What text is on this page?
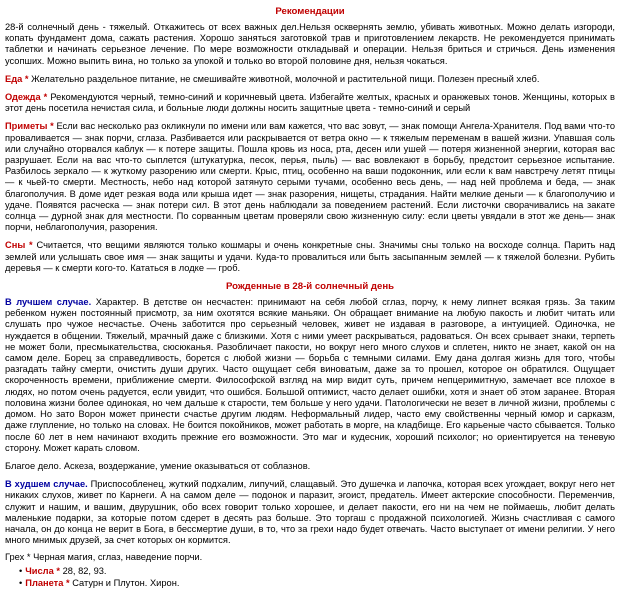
Рекомендации

28-й солнечный день - тяжелый. Откажитесь от всех важных дел.Нельзя осквернять землю, убивать животных. Можно делать изгороди, копать фундамент дома, сажать растения. Хорошо заняться заготовкой трав и приготовлением лекарств. Не рекомендуется принимать таблетки и начинать серьезное лечение. По мере возможности откладывай и операции. Нельзя бриться и стричься. День изменения усопших. Можно выпить вина, но только за упокой и только во второй половине дня, нельзя чокаться.

Еда * Желательно раздельное питание, не смешивайте животной, молочной и растительной пищи. Полезен пресный хлеб.

Одежда * Рекомендуются черный, темно-синий и коричневый цвета. Избегайте желтых, красных и оранжевых тонов. Женщины, которых в этот день посетила нечистая сила, и больные люди должны носить защитные цвета - темно-синий и серый

Приметы * Если вас несколько раз окликнули по имени или вам кажется, что вас зовут, — знак помощи Ангела-Хранителя. Под вами что-то проваливается — знак порчи, сглаза. Разбивается или раскрывается от ветра окно — к тяжелым переменам в вашей жизни. Упавшая соль или случайно оторвался каблук — к потере защиты. Пошла кровь из носа, рта, десен или ушей — потеря жизненной энергии, которая вас разрушает. Если на вас что-то сыплется (штукатурка, песок, перья, пыль) — вас вовлекают в борьбу, предстоит серьезное испытание. Разбилось зеркало — к жуткому разорению или смерти. Крыс, птиц, особенно на ваши подоконник, или если к вам навстречу летят птицы — к чьей-то смерти. Местность, небо над которой затянуто серыми тучами, особенно весь день, — над ней проблема и беда, — знак благополучия. В доме идет резкая вода или крыша идет — знак разорения, нищеты, страдания. Найти мелкие деньги — к благополучию и удаче. Появятся расческа — знак потери сил. В этот день наблюдали за поведением растений. Если листочки сворачивались на закате солнца — дурной знак для местности. По сорванным цветам проверяли свою жизненную силу: если цветы увядали в этот же день— знак порчи, неблагополучия, разорения.

Сны * Считается, что вещими являются только кошмары и очень конкретные сны. Значимы сны только на восходе солнца. Парить над землей или услышать свое имя — знак защиты и удачи. Куда-то провалиться или быть засыпанным землей — к тяжелой болезни. Рубить деревья — к смерти кого-то. Кататься в лодке — гроб.

Рожденные в 28-й солнечный день

В лучшем случае. Характер. В детстве он несчастен: принимают на себя любой сглаз, порчу, к нему липнет всякая грязь. За таким ребенком нужен постоянный присмотр, за ним охотятся всякие маньяки. Он обращает внимание на любую пакость и любит читать или слушать про чужое несчастье. Очень заботится про серьезный человек, живет не издавая в разговоре, а интуицией. Одиночка, не нуждается в общении. Тяжелый, мрачный даже с близкими. Хотя с ними умеет раскрываться, радоваться. Он всех срывает знаки, терпеть не может боли, пресмыкательства, сюсюканья. Разобличает пакости, но вокруг него много слухов и сплетен, никто не знает, какой он на самом деле. Борец за справедливость, борется с любой жизни — борьба с темными силами. Ему дана долгая жизнь для того, чтобы разгадать тайну смерти, очистить души других. Часто ощущает себя виноватым, даже за то прошел, которое он обратился. Ощущает скороченность времени, приближение смерти. Философской взгляд на мир видит суть, причем непцеримитную, замечает все плохое в людях, но потом очень радуется, если увидит, что ошибся. Большой оптимист, часто делает ошибки, хотя и знает об этом заранее. Вторая половина жизни более одинокая, но чем дальше к старости, тем больше у него удачи. Патологически не везет в личной жизни, проблемы с домом. Но зато Ворон может принести счастье другим людям. Неформальный лидер, часто ему свойственны черный юмор и сарказм, даже глупление, но только на словах. Не боится покойников, может работать в морге, на кладбище. Его карьеные часто сбывается. Только после 60 лет в нем начинают входить прежние его возможности. Это маг и кудесник, хороший психолог; но ориентируется на теневую сторону. Может карать словом.

Благое дело. Аскеза, воздержание, умение оказываться от соблазнов.

В худшем случае. Приспособленец, жуткий подхалим, липучий, слащавый. Это душечка и лапочка, которая всех угождает, вокруг него нет никаких слухов, живет по Карнеги. А на самом деле — подонок и паразит, эгоист, предатель. Имеет актерские способности. Переменчив, служит и нашим, и вашим, двурушник, обо всех говорит только хорошее, и делает пакости, его ни на чем не поймаешь, любит делать маленькие подарки, за которые потом сдерет в десять раз больше. Это торгаш с продажной психологией. Жизнь счастливая с самого начала, он до конца не верит в Бога, в бессмертие души, в то, что за грехи надо будет отвечать. Часто выступает от имени религии. У него много мнимых друзей, за счет которых он кормится.

Грех * Черная магия, сглаз, наведение порчи.

• Числа * 28, 82, 93.
• Планета * Сатурн и Плутон. Хирон.
